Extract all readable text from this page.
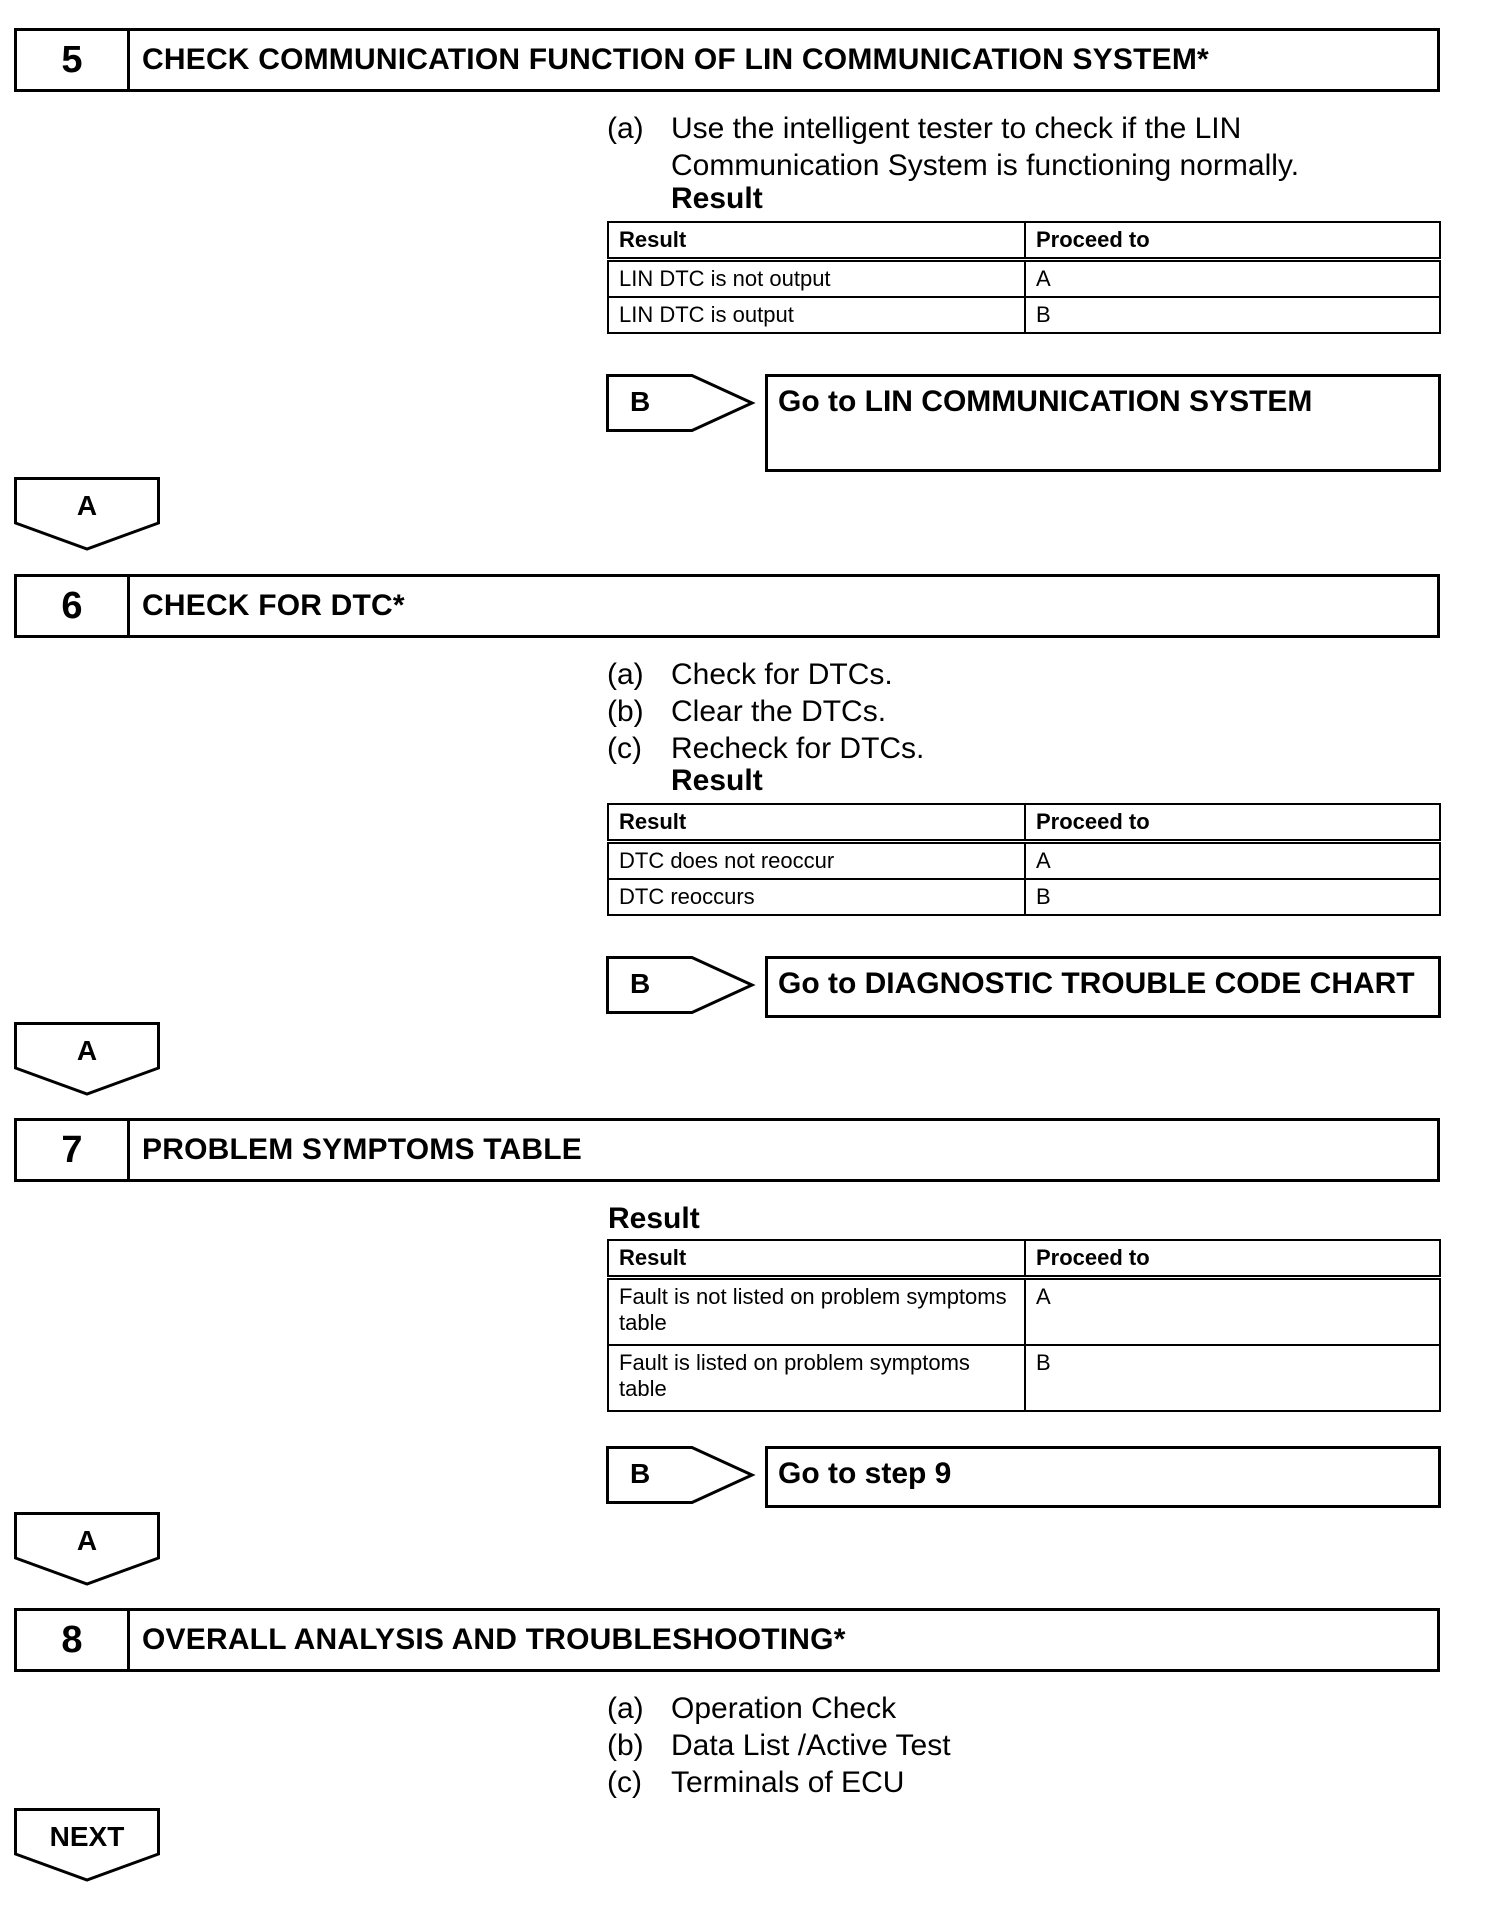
5	CHECK COMMUNICATION FUNCTION OF LIN COMMUNICATION SYSTEM*
(a) Use the intelligent tester to check if the LIN Communication System is functioning normally.
Result
Result	Proceed to
LIN DTC is not output	A
LIN DTC is output	B
B	Go to LIN COMMUNICATION SYSTEM
A
6	CHECK FOR DTC*
(a) Check for DTCs.
(b) Clear the DTCs.
(c) Recheck for DTCs.
Result
Result	Proceed to
DTC does not reoccur	A
DTC reoccurs	B
B	Go to DIAGNOSTIC TROUBLE CODE CHART
A
7	PROBLEM SYMPTOMS TABLE
Result
Result	Proceed to
Fault is not listed on problem symptoms table	A
Fault is listed on problem symptoms table	B
B	Go to step 9
A
8	OVERALL ANALYSIS AND TROUBLESHOOTING*
(a) Operation Check
(b) Data List /Active Test
(c) Terminals of ECU
NEXT
